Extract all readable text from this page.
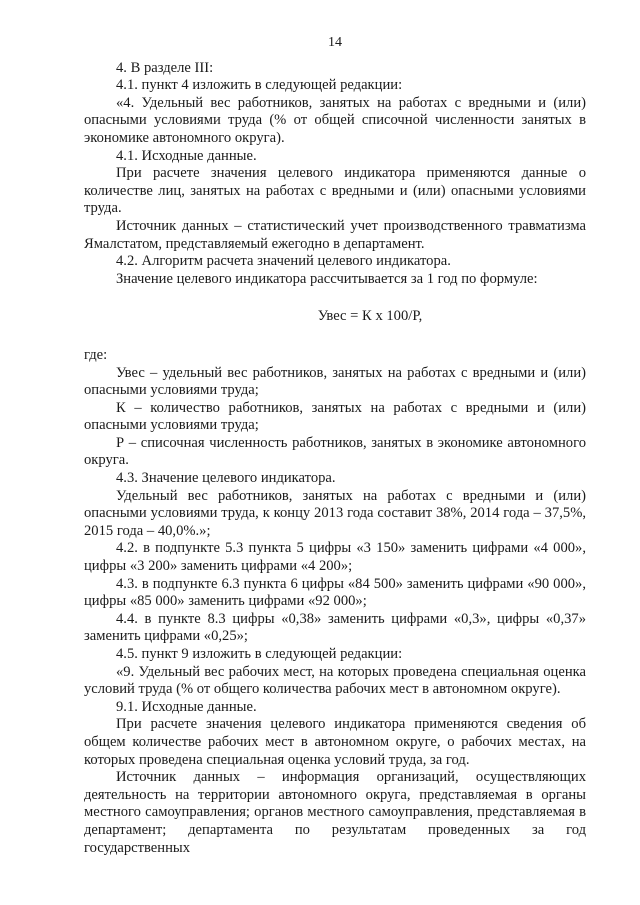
14

4. В разделе III:

4.1. пункт 4 изложить в следующей редакции:

«4. Удельный вес работников, занятых на работах с вредными и (или) опасными условиями труда (% от общей списочной численности занятых в экономике автономного округа).

4.1. Исходные данные.

При расчете значения целевого индикатора применяются данные о количестве лиц, занятых на работах с вредными и (или) опасными условиями труда.

Источник данных – статистический учет производственного травматизма Ямалстатом, представляемый ежегодно в департамент.

4.2. Алгоритм расчета значений целевого индикатора.

Значение целевого индикатора рассчитывается за 1 год по формуле:

Увес = К х 100/Р,

где:

Увес – удельный вес работников, занятых на работах с вредными и (или) опасными условиями труда;

К – количество работников, занятых на работах с вредными и (или) опасными условиями труда;

Р – списочная численность работников, занятых в экономике автономного округа.

4.3. Значение целевого индикатора.

Удельный вес работников, занятых на работах с вредными и (или) опасными условиями труда, к концу 2013 года составит 38%, 2014 года – 37,5%, 2015 года – 40,0%.»;

4.2. в подпункте 5.3 пункта 5 цифры «3 150» заменить цифрами «4 000», цифры «3 200» заменить цифрами «4 200»;

4.3. в подпункте 6.3 пункта 6 цифры «84 500» заменить цифрами «90 000», цифры «85 000» заменить цифрами «92 000»;

4.4. в пункте 8.3 цифры «0,38» заменить цифрами «0,3», цифры «0,37» заменить цифрами «0,25»;

4.5. пункт 9 изложить в следующей редакции:

«9. Удельный вес рабочих мест, на которых проведена специальная оценка условий труда (% от общего количества рабочих мест в автономном округе).

9.1. Исходные данные.

При расчете значения целевого индикатора применяются сведения об общем количестве рабочих мест в автономном округе, о рабочих местах, на которых проведена специальная оценка условий труда, за год.

Источник данных – информация организаций, осуществляющих деятельность на территории автономного округа, представляемая в органы местного самоуправления; органов местного самоуправления, представляемая в департамент; департамента по результатам проведенных за год государственных
